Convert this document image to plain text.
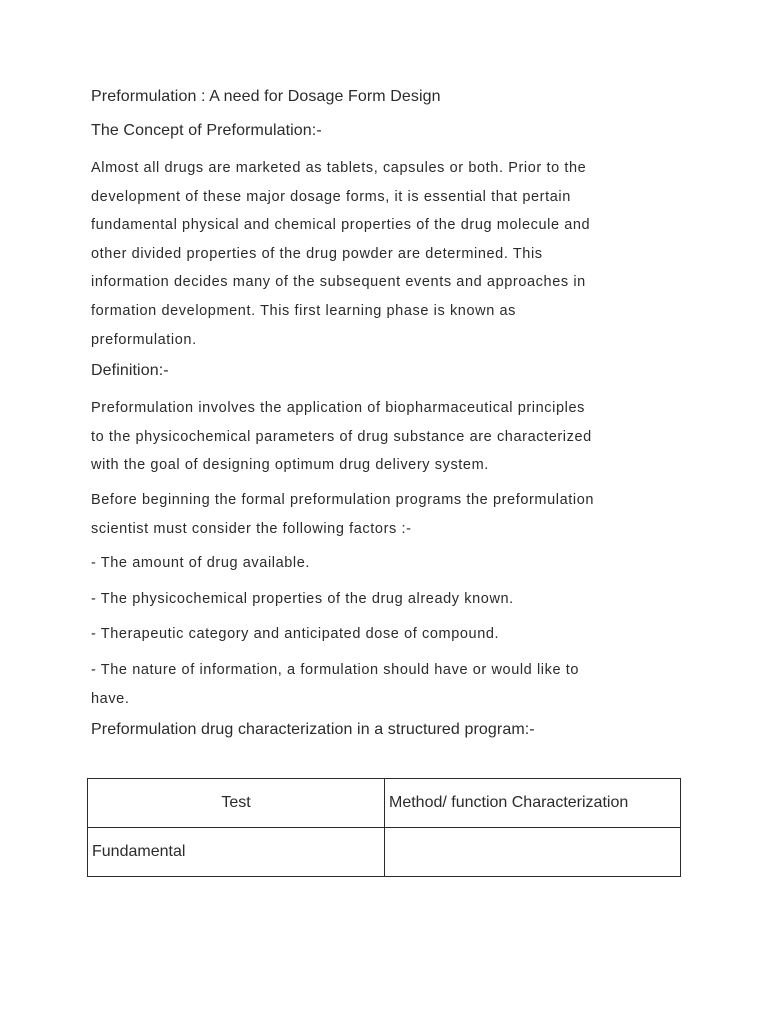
Preformulation : A need for Dosage Form Design
The Concept of Preformulation:-
Almost all drugs are marketed as tablets, capsules or both. Prior to the
development of these major dosage forms, it is essential that pertain
fundamental physical and chemical properties of the drug molecule and
other divided properties of the drug powder are determined. This
information decides many of the subsequent events and approaches in
formation development. This first learning phase is known as
preformulation.
Definition:-
Preformulation involves the application of biopharmaceutical principles
to the physicochemical parameters of drug substance are characterized
with the goal of designing optimum drug delivery system.
Before beginning the formal preformulation programs the preformulation
scientist must consider the following factors :-
- The amount of drug available.
- The physicochemical properties of the drug already known.
- Therapeutic category and anticipated dose of compound.
- The nature of information, a formulation should have or would like to
have.
Preformulation drug characterization in a structured program:-
Test	Method/ function Characterization
Fundamental	
